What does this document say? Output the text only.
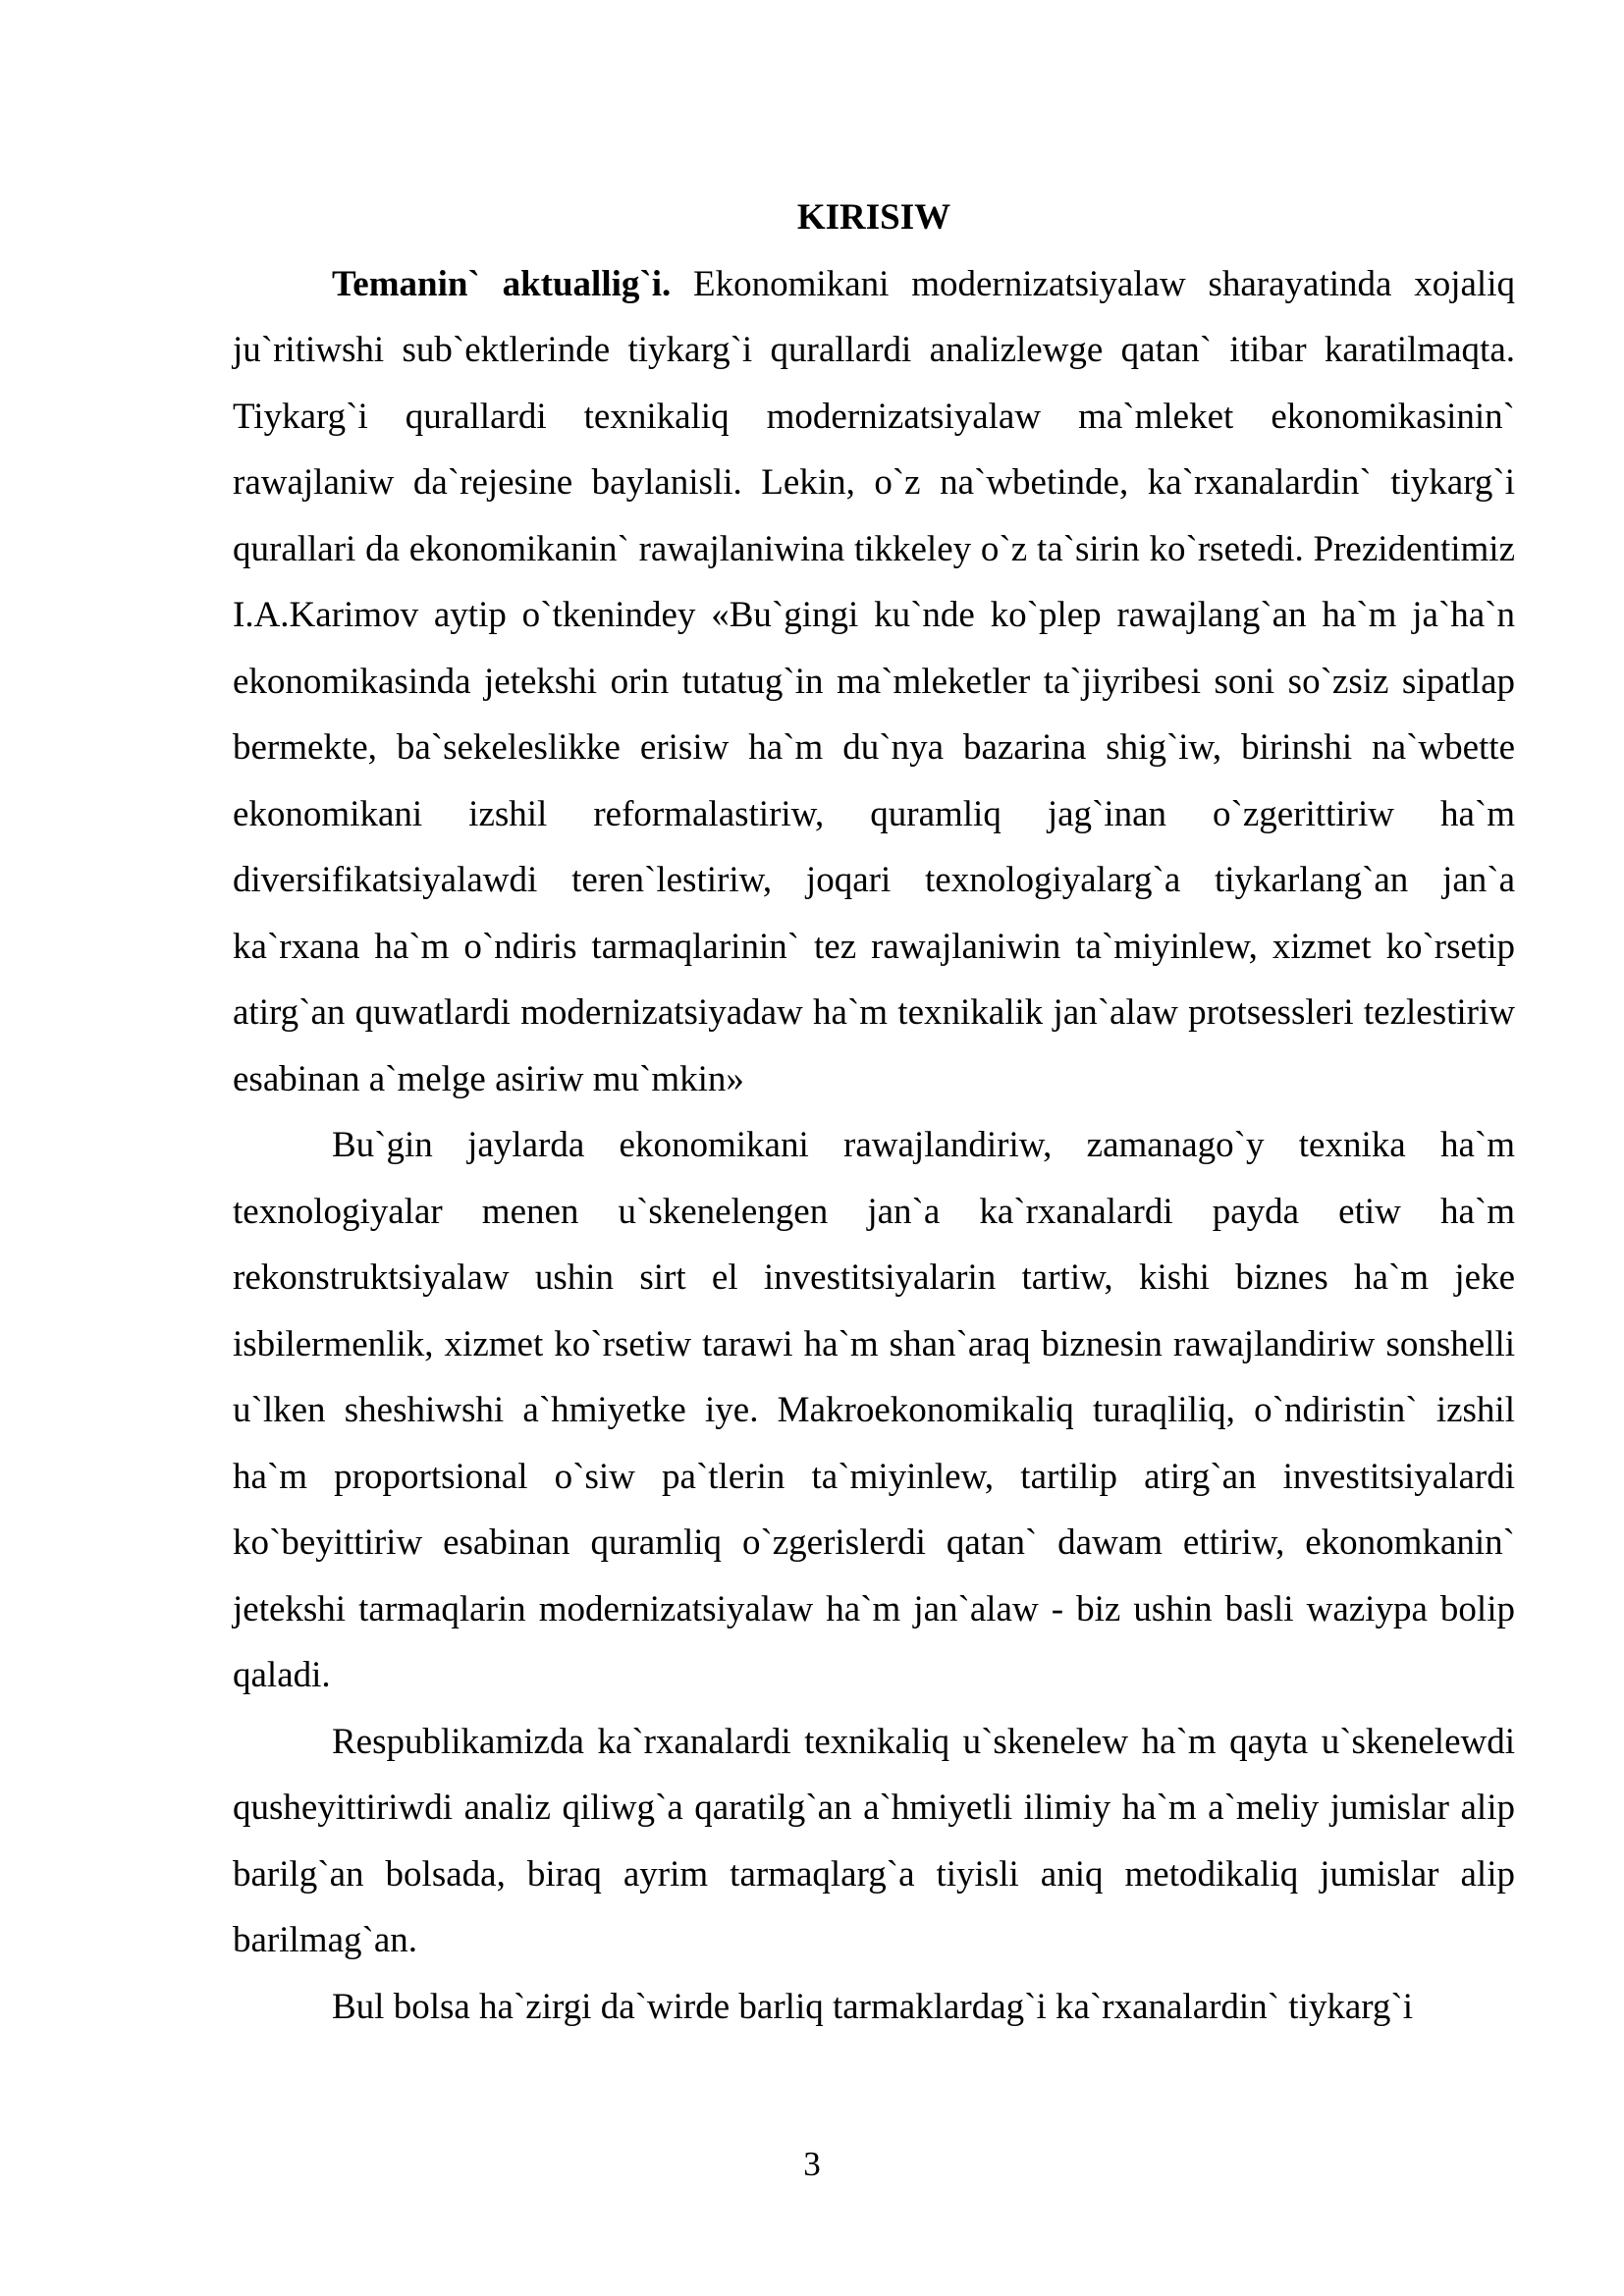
KIRISIW

Temanin` aktuallig`i. Ekonomikani modernizatsiyalaw sharayatinda xojaliq ju`ritiwshi sub`ektlerinde tiykarg`i qurallardi analizlewge qatan` itibar karatilmaqta. Tiykarg`i qurallardi texnikaliq modernizatsiyalaw ma`mleket ekonomikasinin` rawajlaniw da`rejesine baylanisli. Lekin, o`z na`wbetinde, ka`rxanalardin` tiykarg`i qurallari da ekonomikanin` rawajlaniwina tikkeley o`z ta`sirin ko`rsetedi. Prezidentimiz I.A.Karimov aytip o`tkenindey «Bu`gingi ku`nde ko`plep rawajlang`an ha`m ja`ha`n ekonomikasinda jetekshi orin tutatug`in ma`mleketler ta`jiyribesi soni so`zsiz sipatlap bermekte, ba`sekeleslikke erisiw ha`m du`nya bazarina shig`iw, birinshi na`wbette ekonomikani izshil reformalastiriw, quramliq jag`inan o`zgerittiriw ha`m diversifikatsiyalawdi teren`lestiriw, joqari texnologiyalarg`a tiykarlang`an jan`a ka`rxana ha`m o`ndiris tarmaqlarinin` tez rawajlaniwin ta`miyinlew, xizmet ko`rsetip atirg`an quwatlardi modernizatsiyadaw ha`m texnikalik jan`alaw protsessleri tezlestiriw esabinan a`melge asiriw mu`mkin»

Bu`gin jaylarda ekonomikani rawajlandiriw, zamanago`y texnika ha`m texnologiyalar menen u`skenelengen jan`a ka`rxanalardi payda etiw ha`m rekonstruktsiyalaw ushin sirt el investitsiyalarin tartiw, kishi biznes ha`m jeke isbilermenlik, xizmet ko`rsetiw tarawi ha`m shan`araq biznesin rawajlandiriw sonshelli u`lken sheshiwshi a`hmiyetke iye. Makroekonomikaliq turaqliliq, o`ndiristin` izshil ha`m proportsional o`siw pa`tlerin ta`miyinlew, tartilip atirg`an investitsiyalardi ko`beyittiriw esabinan quramliq o`zgerislerdi qatan` dawam ettiriw, ekonomkanin` jetekshi tarmaqlarin modernizatsiyalaw ha`m jan`alaw - biz ushin basli waziypa bolip qaladi.

Respublikamizda ka`rxanalardi texnikaliq u`skenelew ha`m qayta u`skenelewdi qusheyittiriwdi analiz qiliwg`a qaratilg`an a`hmiyetli ilimiy ha`m a`meliy jumislar alip barilg`an bolsada, biraq ayrim tarmaqlarg`a tiyisli aniq metodikaliq jumislar alip barilmag`an.

Bul bolsa ha`zirgi da`wirde barliq tarmaklardag`i ka`rxanalardin` tiykarg`i

3
